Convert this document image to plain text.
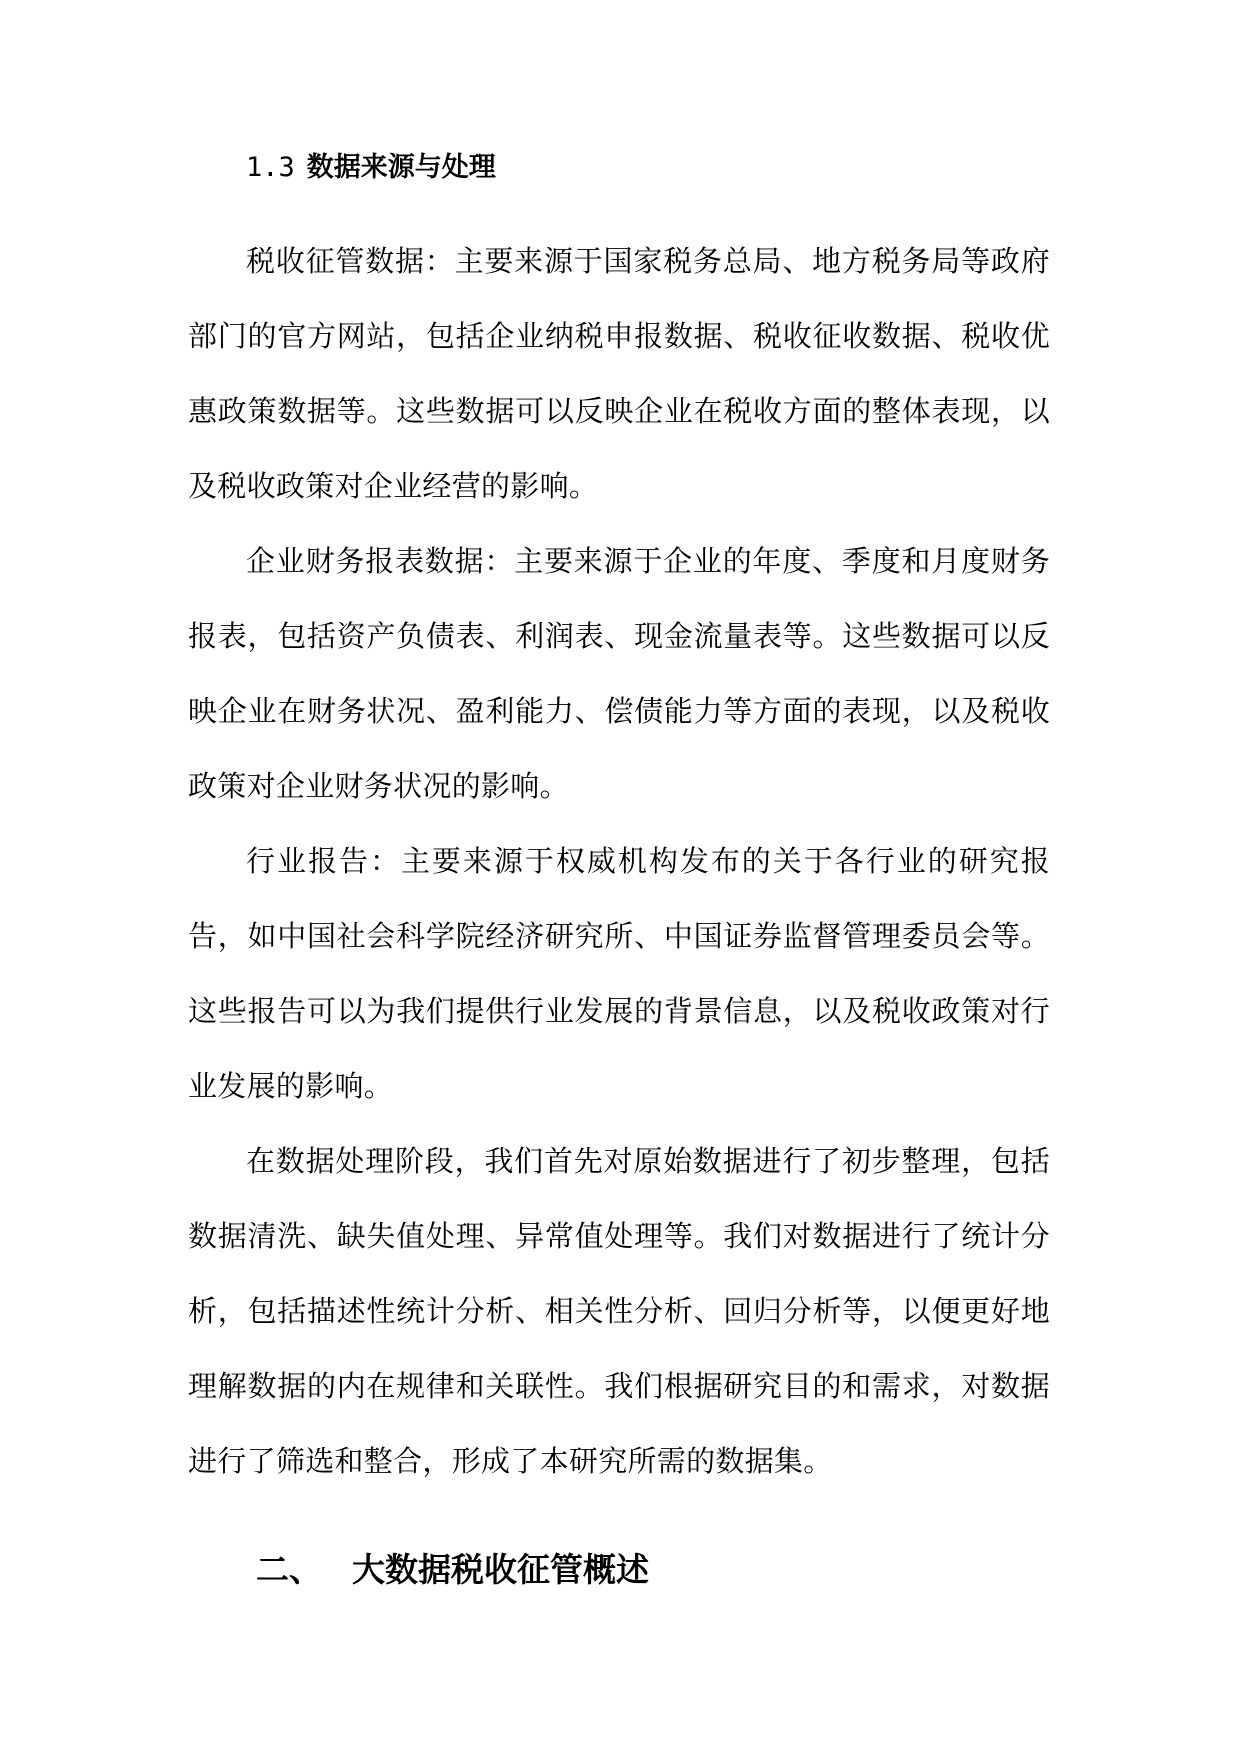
1.3 数据来源与处理

税收征管数据：主要来源于国家税务总局、地方税务局等政府部门的官方网站，包括企业纳税申报数据、税收征收数据、税收优惠政策数据等。这些数据可以反映企业在税收方面的整体表现，以及税收政策对企业经营的影响。

企业财务报表数据：主要来源于企业的年度、季度和月度财务报表，包括资产负债表、利润表、现金流量表等。这些数据可以反映企业在财务状况、盈利能力、偿债能力等方面的表现，以及税收政策对企业财务状况的影响。

行业报告：主要来源于权威机构发布的关于各行业的研究报告，如中国社会科学院经济研究所、中国证券监督管理委员会等。这些报告可以为我们提供行业发展的背景信息，以及税收政策对行业发展的影响。

在数据处理阶段，我们首先对原始数据进行了初步整理，包括数据清洗、缺失值处理、异常值处理等。我们对数据进行了统计分析，包括描述性统计分析、相关性分析、回归分析等，以便更好地理解数据的内在规律和关联性。我们根据研究目的和需求，对数据进行了筛选和整合，形成了本研究所需的数据集。

二、 大数据税收征管概述
